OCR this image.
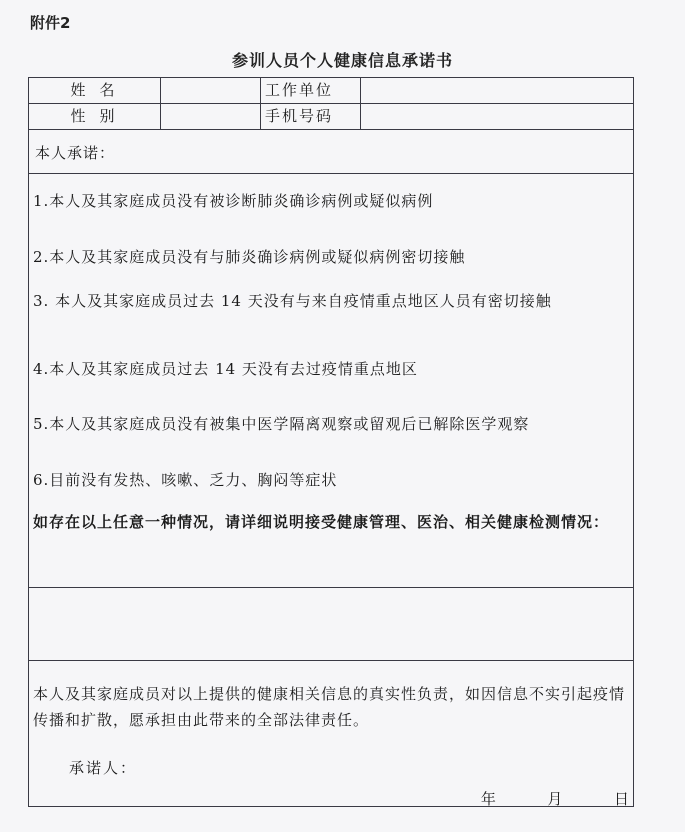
附件2
参训人员个人健康信息承诺书
姓名	工作单位
性别	手机号码
本人承诺：
1.本人及其家庭成员没有被诊断肺炎确诊病例或疑似病例
2.本人及其家庭成员没有与肺炎确诊病例或疑似病例密切接触
3. 本人及其家庭成员过去 14 天没有与来自疫情重点地区人员有密切接触
4.本人及其家庭成员过去 14 天没有去过疫情重点地区
5.本人及其家庭成员没有被集中医学隔离观察或留观后已解除医学观察
6.目前没有发热、咳嗽、乏力、胸闷等症状
如存在以上任意一种情况，请详细说明接受健康管理、医治、相关健康检测情况：
本人及其家庭成员对以上提供的健康相关信息的真实性负责，如因信息不实引起疫情传播和扩散，愿承担由此带来的全部法律责任。
承诺人：
年	月	日
